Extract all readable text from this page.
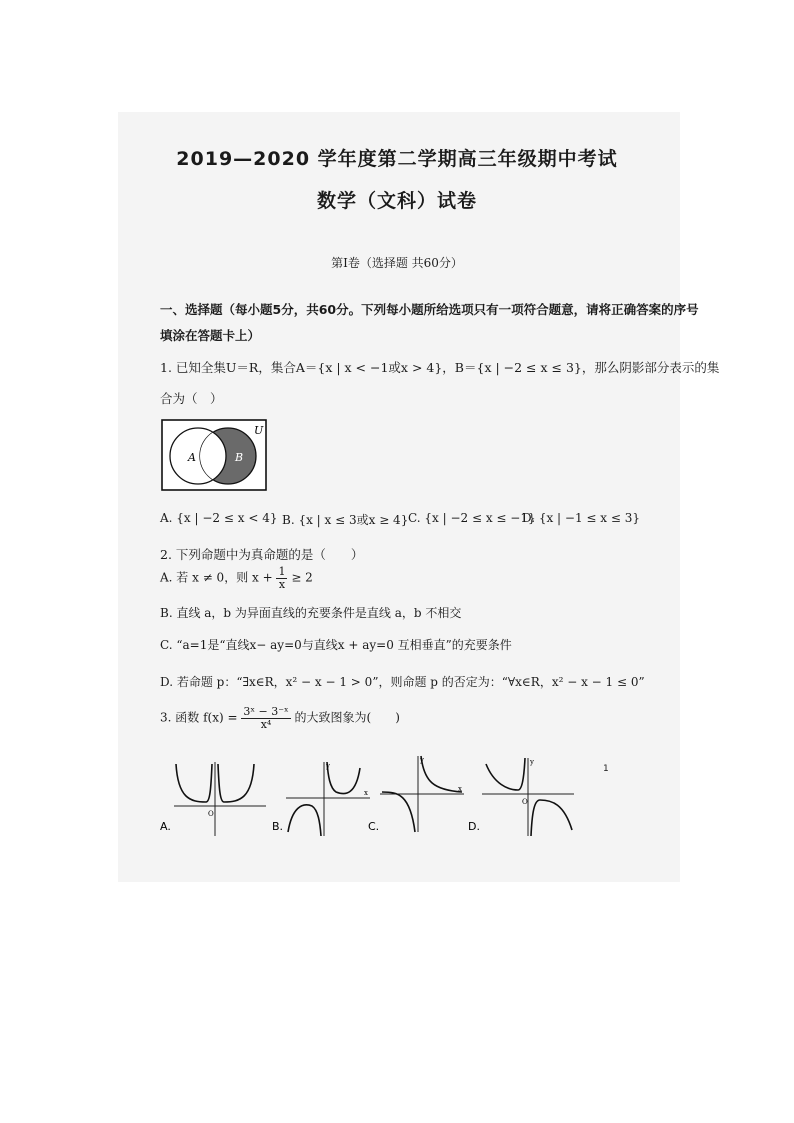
2019—2020 学年度第二学期高三年级期中考试
数学（文科）试卷
第Ⅰ卷（选择题 共60分）
一、选择题（每小题5分，共60分。下列每小题所给选项只有一项符合题意，请将正确答案的序号
填涂在答题卡上）
1. 已知全集U＝R，集合A＝{x | x < −1或x > 4}，B＝{x | −2 ≤ x ≤ 3}，那么阴影部分表示的集
合为（　）
U
A	B
A. {x | −2 ≤ x < 4} B. {x | x ≤ 3或x ≥ 4} C. {x | −2 ≤ x ≤ −1}
D. {x | −1 ≤ x ≤ 3}
2. 下列命题中为真命题的是（　　）
A. 若 x ≠ 0，则 $x + \frac{1}{x} \ge 2$
B. 直线 a，b 为异面直线的充要条件是直线 a，b 不相交
C. “a=1是“直线x− ay=0与直线x + ay=0 互相垂直”的充要条件
D. 若命题 p：“∃x∈R，x² − x − 1 > 0”，则命题 p 的否定为：“∀x∈R，x² − x − 1 ≤ 0”
3. 函数 $f(x) = \frac{\text{3ˣ − 3⁻ˣ}}{\text{x⁴}}$ 的大致图象为(　　)
A.
O
B.
y
x
C.
y
x
D.
y
O
1
